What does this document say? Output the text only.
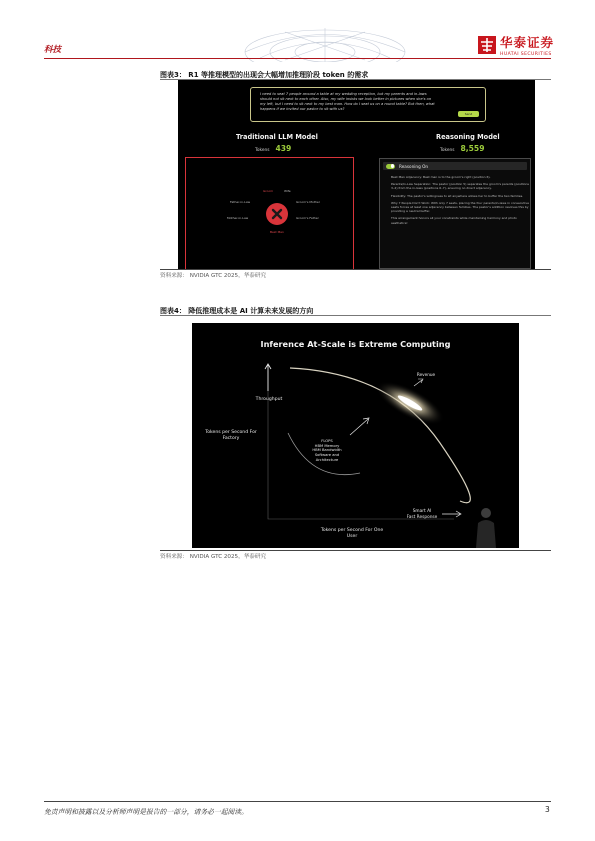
科技	华泰证券
HUATAI SECURITIES
图表3： R1 等推理模型的出现会大幅增加推理阶段 token 的需求
I need to seat 7 people around a table at my wedding reception, but my parents and in-laws should not sit next to each other. Also, my wife insists we look better in pictures when she's on my left, but I need to sit next to my best man. How do I seat us on a round table? But then, what happens if we invited our pastor to sit with us?
Send
Traditional LLM Model	Reasoning Model
Tokens 439	Tokens 8,559
Groom	Wife
Father-in-Law	Groom's Mother
Mother-in-Law	Groom's Father
Best Man
Reasoning On

Best Man Adjacency: Best man is to the groom's right (position 6).

Parents/In-Law Separation: The pastor (position 5) separates the groom's parents (positions 3–4) from the in-laws (positions 6–7), ensuring no direct adjacency.

Flexibility: The pastor's willingness to sit anywhere allows her to buffer the two families.

Why 7 People Don't Work: With only 7 seats, placing the four parents/in-laws in consecutive seats forces at least one adjacency between families. The pastor's addition resolves this by providing a neutral buffer.

This arrangement honors all your constraints while maintaining harmony and photo aesthetics!

资料来源： NVIDIA GTC 2025，华泰研究
图表4： 降低推理成本是 AI 计算未来发展的方向
Inference At-Scale is Extreme Computing
Throughput
Tokens per Second For Factory
Revenue
FLOPS
HBM Memory
HBM Bandwidth
Software and
Architecture
Smart AI
Fast Response
Tokens per Second For One User
资料来源： NVIDIA GTC 2025，华泰研究
免责声明和披露以及分析师声明是报告的一部分，请务必一起阅读。	3
